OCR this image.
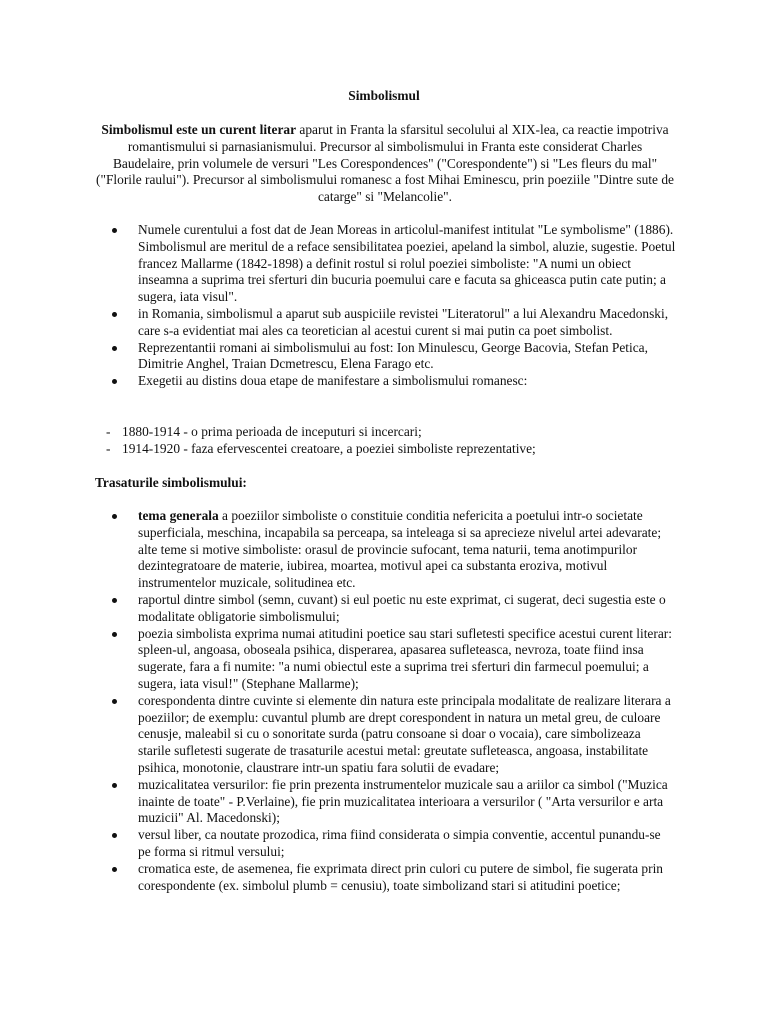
Simbolismul

Simbolismul este un curent literar aparut in Franta la sfarsitul secolului al XIX-lea, ca reactie impotriva romantismului si parnasianismului. Precursor al simbolismului in Franta este considerat Charles Baudelaire, prin volumele de versuri "Les Corespondences" ("Corespondente") si "Les fleurs du mal" ("Florile raului"). Precursor al simbolismului romanesc a fost Mihai Eminescu, prin poeziile "Dintre sute de catarge" si "Melancolie".

Numele curentului a fost dat de Jean Moreas in articolul-manifest intitulat "Le symbolisme" (1886). Simbolismul are meritul de a reface sensibilitatea poeziei, apeland la simbol, aluzie, sugestie. Poetul francez Mallarme (1842-1898) a definit rostul si rolul poeziei simboliste: "A numi un obiect inseamna a suprima trei sferturi din bucuria poemului care e facuta sa ghiceasca putin cate putin; a sugera, iata visul".
in Romania, simbolismul a aparut sub auspiciile revistei "Literatorul" a lui Alexandru Macedonski, care s-a evidentiat mai ales ca teoretician al acestui curent si mai putin ca poet simbolist.
Reprezentantii romani ai simbolismului au fost: Ion Minulescu, George Bacovia, Stefan Petica, Dimitrie Anghel, Traian Dcmetrescu, Elena Farago etc.
Exegetii au distins doua etape de manifestare a simbolismului romanesc:
- 1880-1914 - o prima perioada de inceputuri si incercari;
- 1914-1920 - faza efervescentei creatoare, a poeziei simboliste reprezentative;
Trasaturile simbolismului:
tema generala a poeziilor simboliste o constituie conditia nefericita a poetului intr-o societate superficiala, meschina, incapabila sa perceapa, sa inteleaga si sa aprecieze nivelul artei adevarate; alte teme si motive simboliste: orasul de provincie sufocant, tema naturii, tema anotimpurilor dezintegratoare de materie, iubirea, moartea, motivul apei ca substanta eroziva, motivul instrumentelor muzicale, solitudinea etc.
raportul dintre simbol (semn, cuvant) si eul poetic nu este exprimat, ci sugerat, deci sugestia este o modalitate obligatorie simbolismului;
poezia simbolista exprima numai atitudini poetice sau stari sufletesti specifice acestui curent literar: spleen-ul, angoasa, oboseala psihica, disperarea, apasarea sufleteasca, nevroza, toate fiind insa sugerate, fara a fi numite: "a numi obiectul este a suprima trei sferturi din farmecul poemului; a sugera, iata visul!" (Stephane Mallarme);
corespondenta dintre cuvinte si elemente din natura este principala modalitate de realizare literara a poeziilor; de exemplu: cuvantul plumb are drept corespondent in natura un metal greu, de culoare cenusje, maleabil si cu o sonoritate surda (patru consoane si doar o vocaia), care simbolizeaza starile sufletesti sugerate de trasaturile acestui metal: greutate sufleteasca, angoasa, instabilitate psihica, monotonie, claustrare intr-un spatiu fara solutii de evadare;
muzicalitatea versurilor: fie prin prezenta instrumentelor muzicale sau a ariilor ca simbol ("Muzica inainte de toate" - P.Verlaine), fie prin muzicalitatea interioara a versurilor ( "Arta versurilor e arta muzicii" Al. Macedonski);
versul liber, ca noutate prozodica, rima fiind considerata o simpia conventie, accentul punandu-se pe forma si ritmul versului;
cromatica este, de asemenea, fie exprimata direct prin culori cu putere de simbol, fie sugerata prin corespondente (ex. simbolul plumb = cenusiu), toate simbolizand stari si atitudini poetice;
